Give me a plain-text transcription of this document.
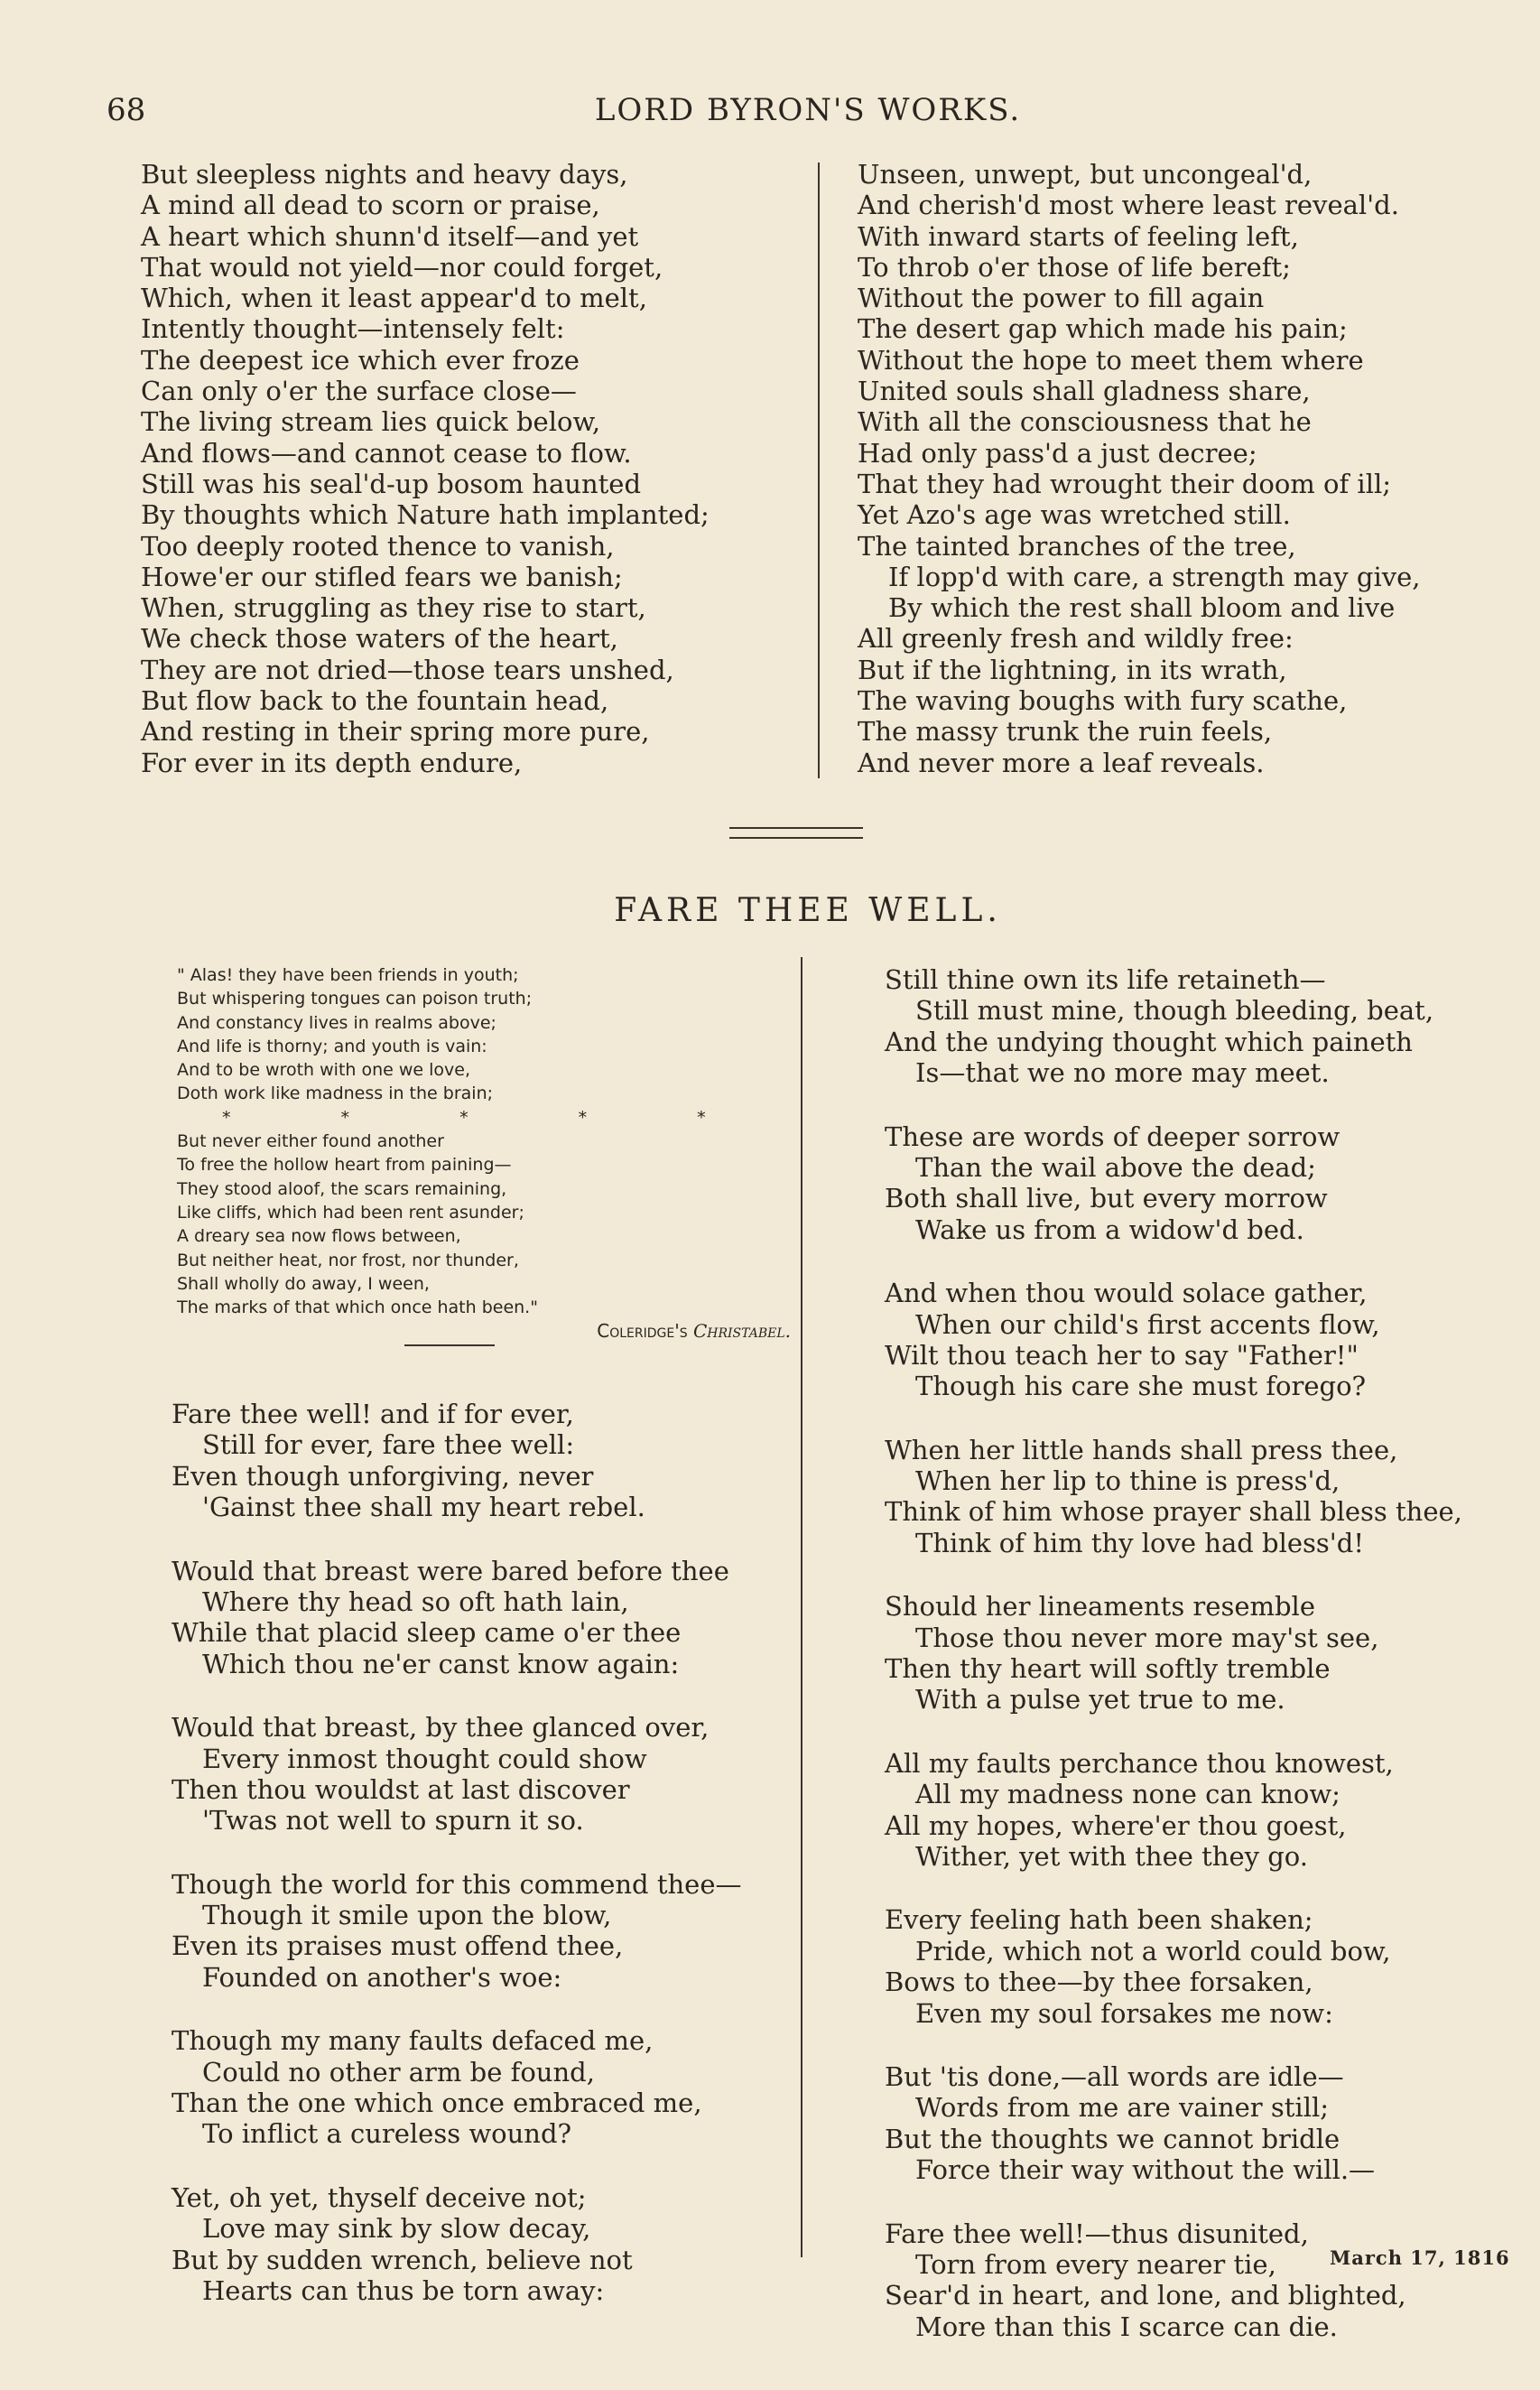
68	LORD BYRON'S WORKS.
But sleepless nights and heavy days,
A mind all dead to scorn or praise,
A heart which shunn'd itself—and yet
That would not yield—nor could forget,
Which, when it least appear'd to melt,
Intently thought—intensely felt:
The deepest ice which ever froze
Can only o'er the surface close—
The living stream lies quick below,
And flows—and cannot cease to flow.
Still was his seal'd-up bosom haunted
By thoughts which Nature hath implanted;
Too deeply rooted thence to vanish,
Howe'er our stifled fears we banish;
When, struggling as they rise to start,
We check those waters of the heart,
They are not dried—those tears unshed,
But flow back to the fountain head,
And resting in their spring more pure,
For ever in its depth endure,
Unseen, unwept, but uncongeal'd,
And cherish'd most where least reveal'd.
With inward starts of feeling left,
To throb o'er those of life bereft;
Without the power to fill again
The desert gap which made his pain;
Without the hope to meet them where
United souls shall gladness share,
With all the consciousness that he
Had only pass'd a just decree;
That they had wrought their doom of ill;
Yet Azo's age was wretched still.
The tainted branches of the tree,
If lopp'd with care, a strength may give,
By which the rest shall bloom and live
All greenly fresh and wildly free:
But if the lightning, in its wrath,
The waving boughs with fury scathe,
The massy trunk the ruin feels,
And never more a leaf reveals.
FARE THEE WELL.
" Alas! they have been friends in youth;
But whispering tongues can poison truth;
And constancy lives in realms above;
And life is thorny; and youth is vain:
And to be wroth with one we love,
Doth work like madness in the brain;
* * * * *
But never either found another
To free the hollow heart from paining—
They stood aloof, the scars remaining,
Like cliffs, which had been rent asunder;
A dreary sea now flows between,
But neither heat, nor frost, nor thunder,
Shall wholly do away, I ween,
The marks of that which once hath been."
Coleridge's Christabel.
Fare thee well! and if for ever,
Still for ever, fare thee well:
Even though unforgiving, never
'Gainst thee shall my heart rebel.
Would that breast were bared before thee
Where thy head so oft hath lain,
While that placid sleep came o'er thee
Which thou ne'er canst know again:
Would that breast, by thee glanced over,
Every inmost thought could show
Then thou wouldst at last discover
'Twas not well to spurn it so.
Though the world for this commend thee—
Though it smile upon the blow,
Even its praises must offend thee,
Founded on another's woe:
Though my many faults defaced me,
Could no other arm be found,
Than the one which once embraced me,
To inflict a cureless wound?
Yet, oh yet, thyself deceive not;
Love may sink by slow decay,
But by sudden wrench, believe not
Hearts can thus be torn away:
Still thine own its life retaineth—
Still must mine, though bleeding, beat,
And the undying thought which paineth
Is—that we no more may meet.
These are words of deeper sorrow
Than the wail above the dead;
Both shall live, but every morrow
Wake us from a widow'd bed.
And when thou would solace gather,
When our child's first accents flow,
Wilt thou teach her to say "Father!"
Though his care she must forego?
When her little hands shall press thee,
When her lip to thine is press'd,
Think of him whose prayer shall bless thee,
Think of him thy love had bless'd!
Should her lineaments resemble
Those thou never more may'st see,
Then thy heart will softly tremble
With a pulse yet true to me.
All my faults perchance thou knowest,
All my madness none can know;
All my hopes, where'er thou goest,
Wither, yet with thee they go.
Every feeling hath been shaken;
Pride, which not a world could bow,
Bows to thee—by thee forsaken,
Even my soul forsakes me now:
But 'tis done,—all words are idle—
Words from me are vainer still;
But the thoughts we cannot bridle
Force their way without the will.—
Fare thee well!—thus disunited,
Torn from every nearer tie,
Sear'd in heart, and lone, and blighted,
More than this I scarce can die.
March 17, 1816
